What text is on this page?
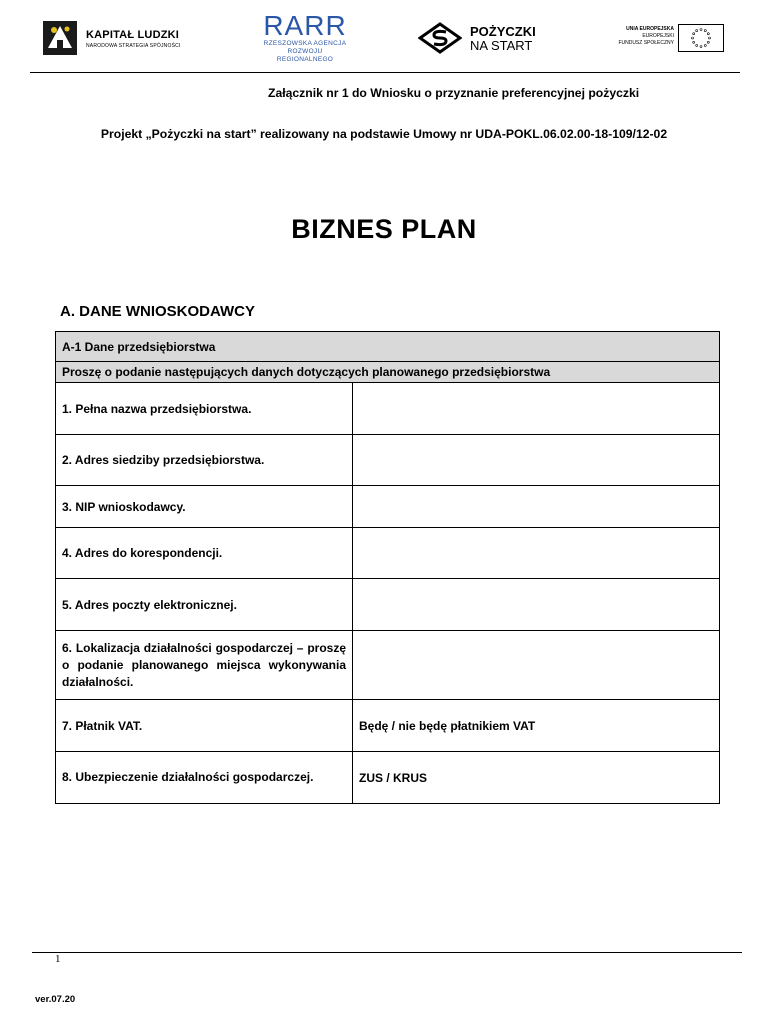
KAPITAŁ LUDZKI
NARODOWA STRATEGIA SPÓJNOŚCI
RARR
RZESZOWSKA AGENCJA
ROZWOJU REGIONALNEGO
POŻYCZKI
NA START
UNIA EUROPEJSKA
EUROPEJSKI
FUNDUSZ SPOŁECZNY
Załącznik nr 1 do Wniosku o przyznanie preferencyjnej pożyczki
Projekt „Pożyczki na start” realizowany na podstawie Umowy nr UDA-POKL.06.02.00-18-109/12-02
BIZNES PLAN
A. DANE WNIOSKODAWCY
A-1 Dane przedsiębiorstwa	
Proszę o podanie następujących danych dotyczących planowanego przedsiębiorstwa	
1. Pełna nazwa przedsiębiorstwa.	
2. Adres siedziby przedsiębiorstwa.	
3. NIP wnioskodawcy.	
4. Adres do korespondencji.	
5. Adres poczty elektronicznej.	
6. Lokalizacja działalności gospodarczej – proszę o podanie planowanego miejsca wykonywania działalności.	
7. Płatnik VAT.	Będę / nie będę płatnikiem VAT
8. Ubezpieczenie działalności gospodarczej.	ZUS / KRUS
1
ver.07.20
